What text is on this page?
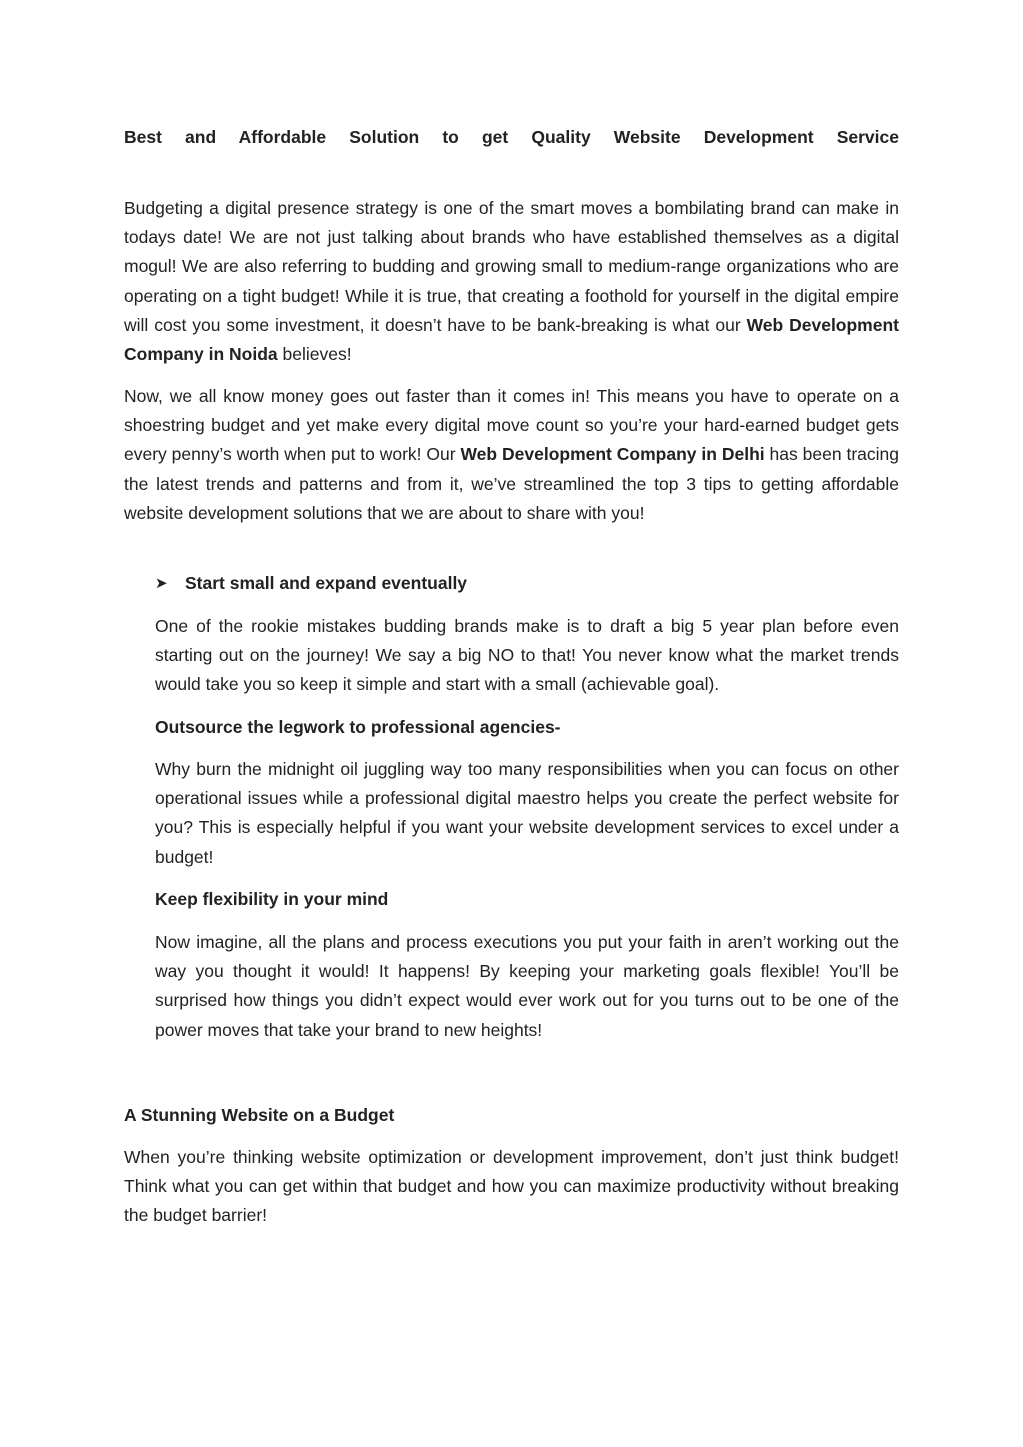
Best and Affordable Solution to get Quality Website Development Service

Budgeting a digital presence strategy is one of the smart moves a bombilating brand can make in todays date! We are not just talking about brands who have established themselves as a digital mogul! We are also referring to budding and growing small to medium-range organizations who are operating on a tight budget! While it is true, that creating a foothold for yourself in the digital empire will cost you some investment, it doesn’t have to be bank-breaking is what our Web Development Company in Noida believes!

Now, we all know money goes out faster than it comes in! This means you have to operate on a shoestring budget and yet make every digital move count so you’re your hard-earned budget gets every penny’s worth when put to work! Our Web Development Company in Delhi has been tracing the latest trends and patterns and from it, we’ve streamlined the top 3 tips to getting affordable website development solutions that we are about to share with you!

➤ Start small and expand eventually

One of the rookie mistakes budding brands make is to draft a big 5 year plan before even starting out on the journey! We say a big NO to that! You never know what the market trends would take you so keep it simple and start with a small (achievable goal).

Outsource the legwork to professional agencies-

Why burn the midnight oil juggling way too many responsibilities when you can focus on other operational issues while a professional digital maestro helps you create the perfect website for you? This is especially helpful if you want your website development services to excel under a budget!

Keep flexibility in your mind

Now imagine, all the plans and process executions you put your faith in aren’t working out the way you thought it would! It happens! By keeping your marketing goals flexible! You’ll be surprised how things you didn’t expect would ever work out for you turns out to be one of the power moves that take your brand to new heights!

A Stunning Website on a Budget

When you’re thinking website optimization or development improvement, don’t just think budget! Think what you can get within that budget and how you can maximize productivity without breaking the budget barrier!
